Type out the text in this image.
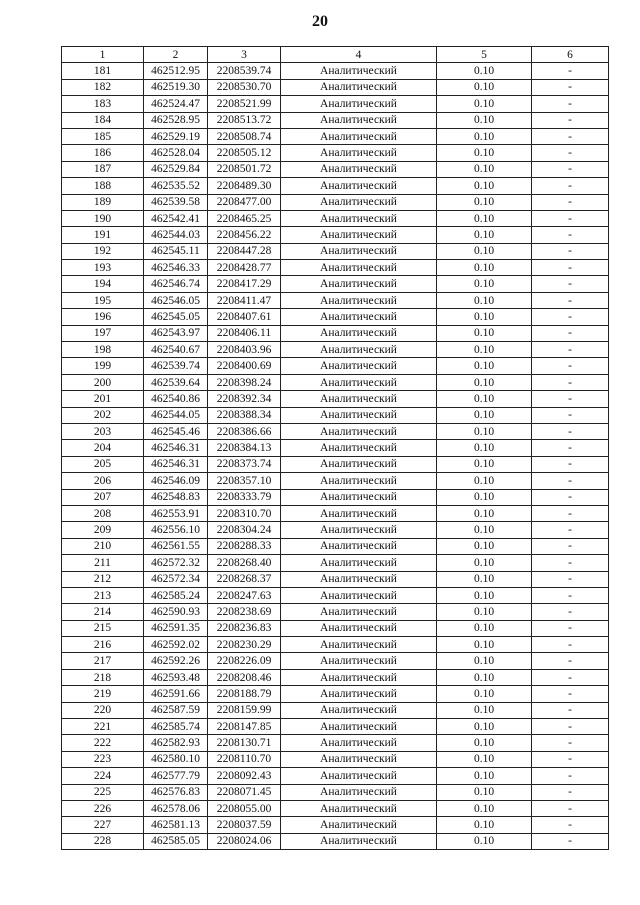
20
1	2	3	4	5	6
181	462512.95	2208539.74	Аналитический	0.10	-
182	462519.30	2208530.70	Аналитический	0.10	-
183	462524.47	2208521.99	Аналитический	0.10	-
184	462528.95	2208513.72	Аналитический	0.10	-
185	462529.19	2208508.74	Аналитический	0.10	-
186	462528.04	2208505.12	Аналитический	0.10	-
187	462529.84	2208501.72	Аналитический	0.10	-
188	462535.52	2208489.30	Аналитический	0.10	-
189	462539.58	2208477.00	Аналитический	0.10	-
190	462542.41	2208465.25	Аналитический	0.10	-
191	462544.03	2208456.22	Аналитический	0.10	-
192	462545.11	2208447.28	Аналитический	0.10	-
193	462546.33	2208428.77	Аналитический	0.10	-
194	462546.74	2208417.29	Аналитический	0.10	-
195	462546.05	2208411.47	Аналитический	0.10	-
196	462545.05	2208407.61	Аналитический	0.10	-
197	462543.97	2208406.11	Аналитический	0.10	-
198	462540.67	2208403.96	Аналитический	0.10	-
199	462539.74	2208400.69	Аналитический	0.10	-
200	462539.64	2208398.24	Аналитический	0.10	-
201	462540.86	2208392.34	Аналитический	0.10	-
202	462544.05	2208388.34	Аналитический	0.10	-
203	462545.46	2208386.66	Аналитический	0.10	-
204	462546.31	2208384.13	Аналитический	0.10	-
205	462546.31	2208373.74	Аналитический	0.10	-
206	462546.09	2208357.10	Аналитический	0.10	-
207	462548.83	2208333.79	Аналитический	0.10	-
208	462553.91	2208310.70	Аналитический	0.10	-
209	462556.10	2208304.24	Аналитический	0.10	-
210	462561.55	2208288.33	Аналитический	0.10	-
211	462572.32	2208268.40	Аналитический	0.10	-
212	462572.34	2208268.37	Аналитический	0.10	-
213	462585.24	2208247.63	Аналитический	0.10	-
214	462590.93	2208238.69	Аналитический	0.10	-
215	462591.35	2208236.83	Аналитический	0.10	-
216	462592.02	2208230.29	Аналитический	0.10	-
217	462592.26	2208226.09	Аналитический	0.10	-
218	462593.48	2208208.46	Аналитический	0.10	-
219	462591.66	2208188.79	Аналитический	0.10	-
220	462587.59	2208159.99	Аналитический	0.10	-
221	462585.74	2208147.85	Аналитический	0.10	-
222	462582.93	2208130.71	Аналитический	0.10	-
223	462580.10	2208110.70	Аналитический	0.10	-
224	462577.79	2208092.43	Аналитический	0.10	-
225	462576.83	2208071.45	Аналитический	0.10	-
226	462578.06	2208055.00	Аналитический	0.10	-
227	462581.13	2208037.59	Аналитический	0.10	-
228	462585.05	2208024.06	Аналитический	0.10	-
